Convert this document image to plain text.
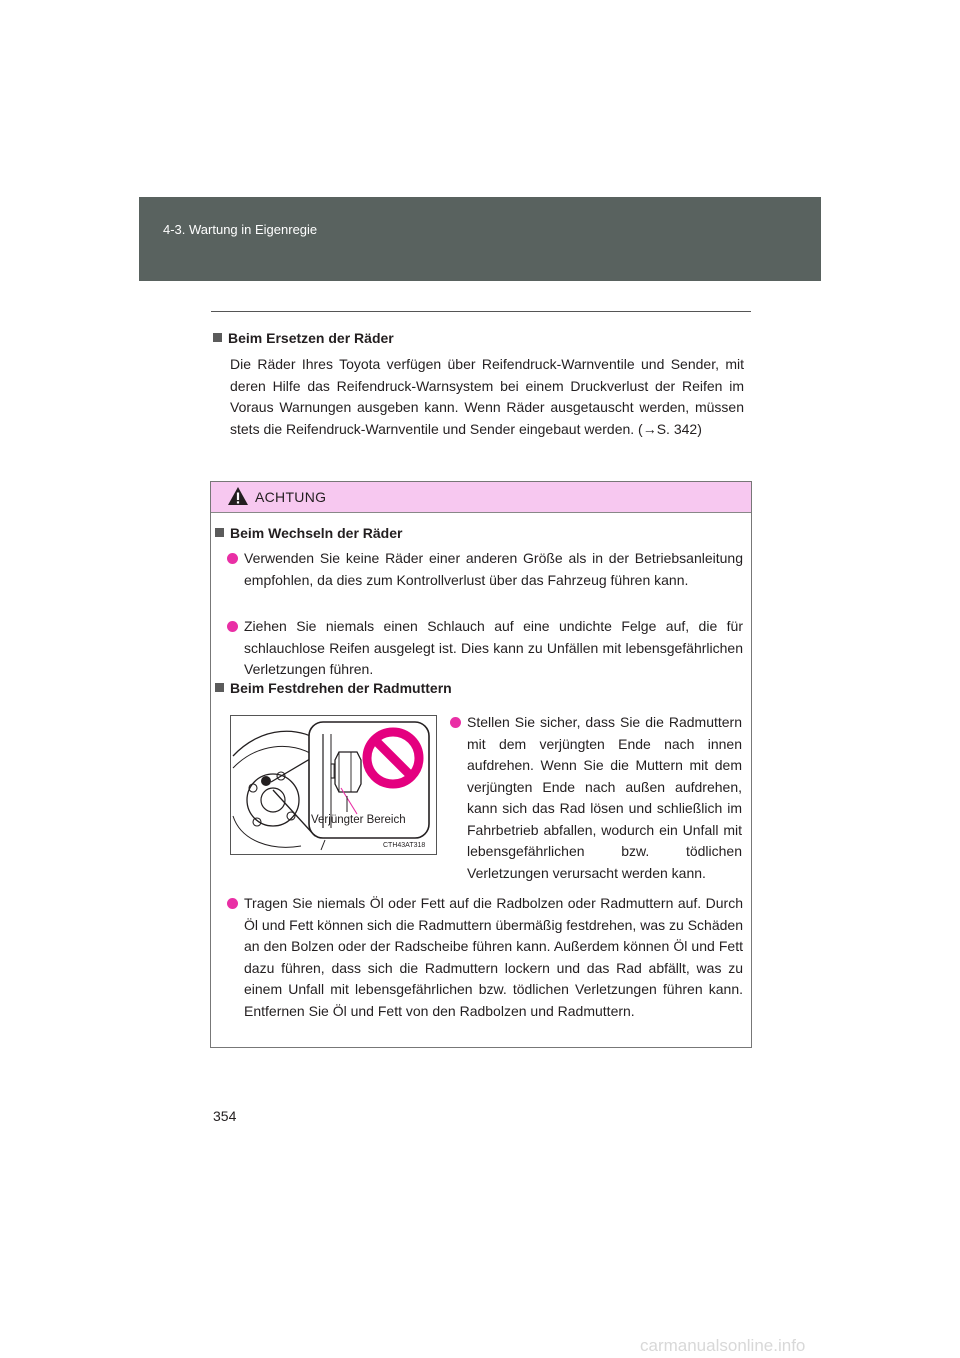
4-3. Wartung in Eigenregie
Beim Ersetzen der Räder
Die Räder Ihres Toyota verfügen über Reifendruck-Warnventile und Sender, mit deren Hilfe das Reifendruck-Warnsystem bei einem Druckverlust der Reifen im Voraus Warnungen ausgeben kann. Wenn Räder ausgetauscht werden, müssen stets die Reifendruck-Warnventile und Sender eingebaut werden. (→S. 342)
ACHTUNG
Beim Wechseln der Räder
Verwenden Sie keine Räder einer anderen Größe als in der Betriebsanleitung empfohlen, da dies zum Kontrollverlust über das Fahrzeug führen kann.
Ziehen Sie niemals einen Schlauch auf eine undichte Felge auf, die für schlauchlose Reifen ausgelegt ist. Dies kann zu Unfällen mit lebensgefährlichen Verletzungen führen.
Beim Festdrehen der Radmuttern
Verjüngter Bereich
CTH43AT318
Stellen Sie sicher, dass Sie die Radmuttern mit dem verjüngten Ende nach innen aufdrehen. Wenn Sie die Muttern mit dem verjüngten Ende nach außen aufdrehen, kann sich das Rad lösen und schließlich im Fahrbetrieb abfallen, wodurch ein Unfall mit lebensgefährlichen bzw. tödlichen Verletzungen verursacht werden kann.
Tragen Sie niemals Öl oder Fett auf die Radbolzen oder Radmuttern auf. Durch Öl und Fett können sich die Radmuttern übermäßig festdrehen, was zu Schäden an den Bolzen oder der Radscheibe führen kann. Außerdem können Öl und Fett dazu führen, dass sich die Radmuttern lockern und das Rad abfällt, was zu einem Unfall mit lebensgefährlichen bzw. tödlichen Verletzungen führen kann. Entfernen Sie Öl und Fett von den Radbolzen und Radmuttern.
354
carmanualsonline.info
